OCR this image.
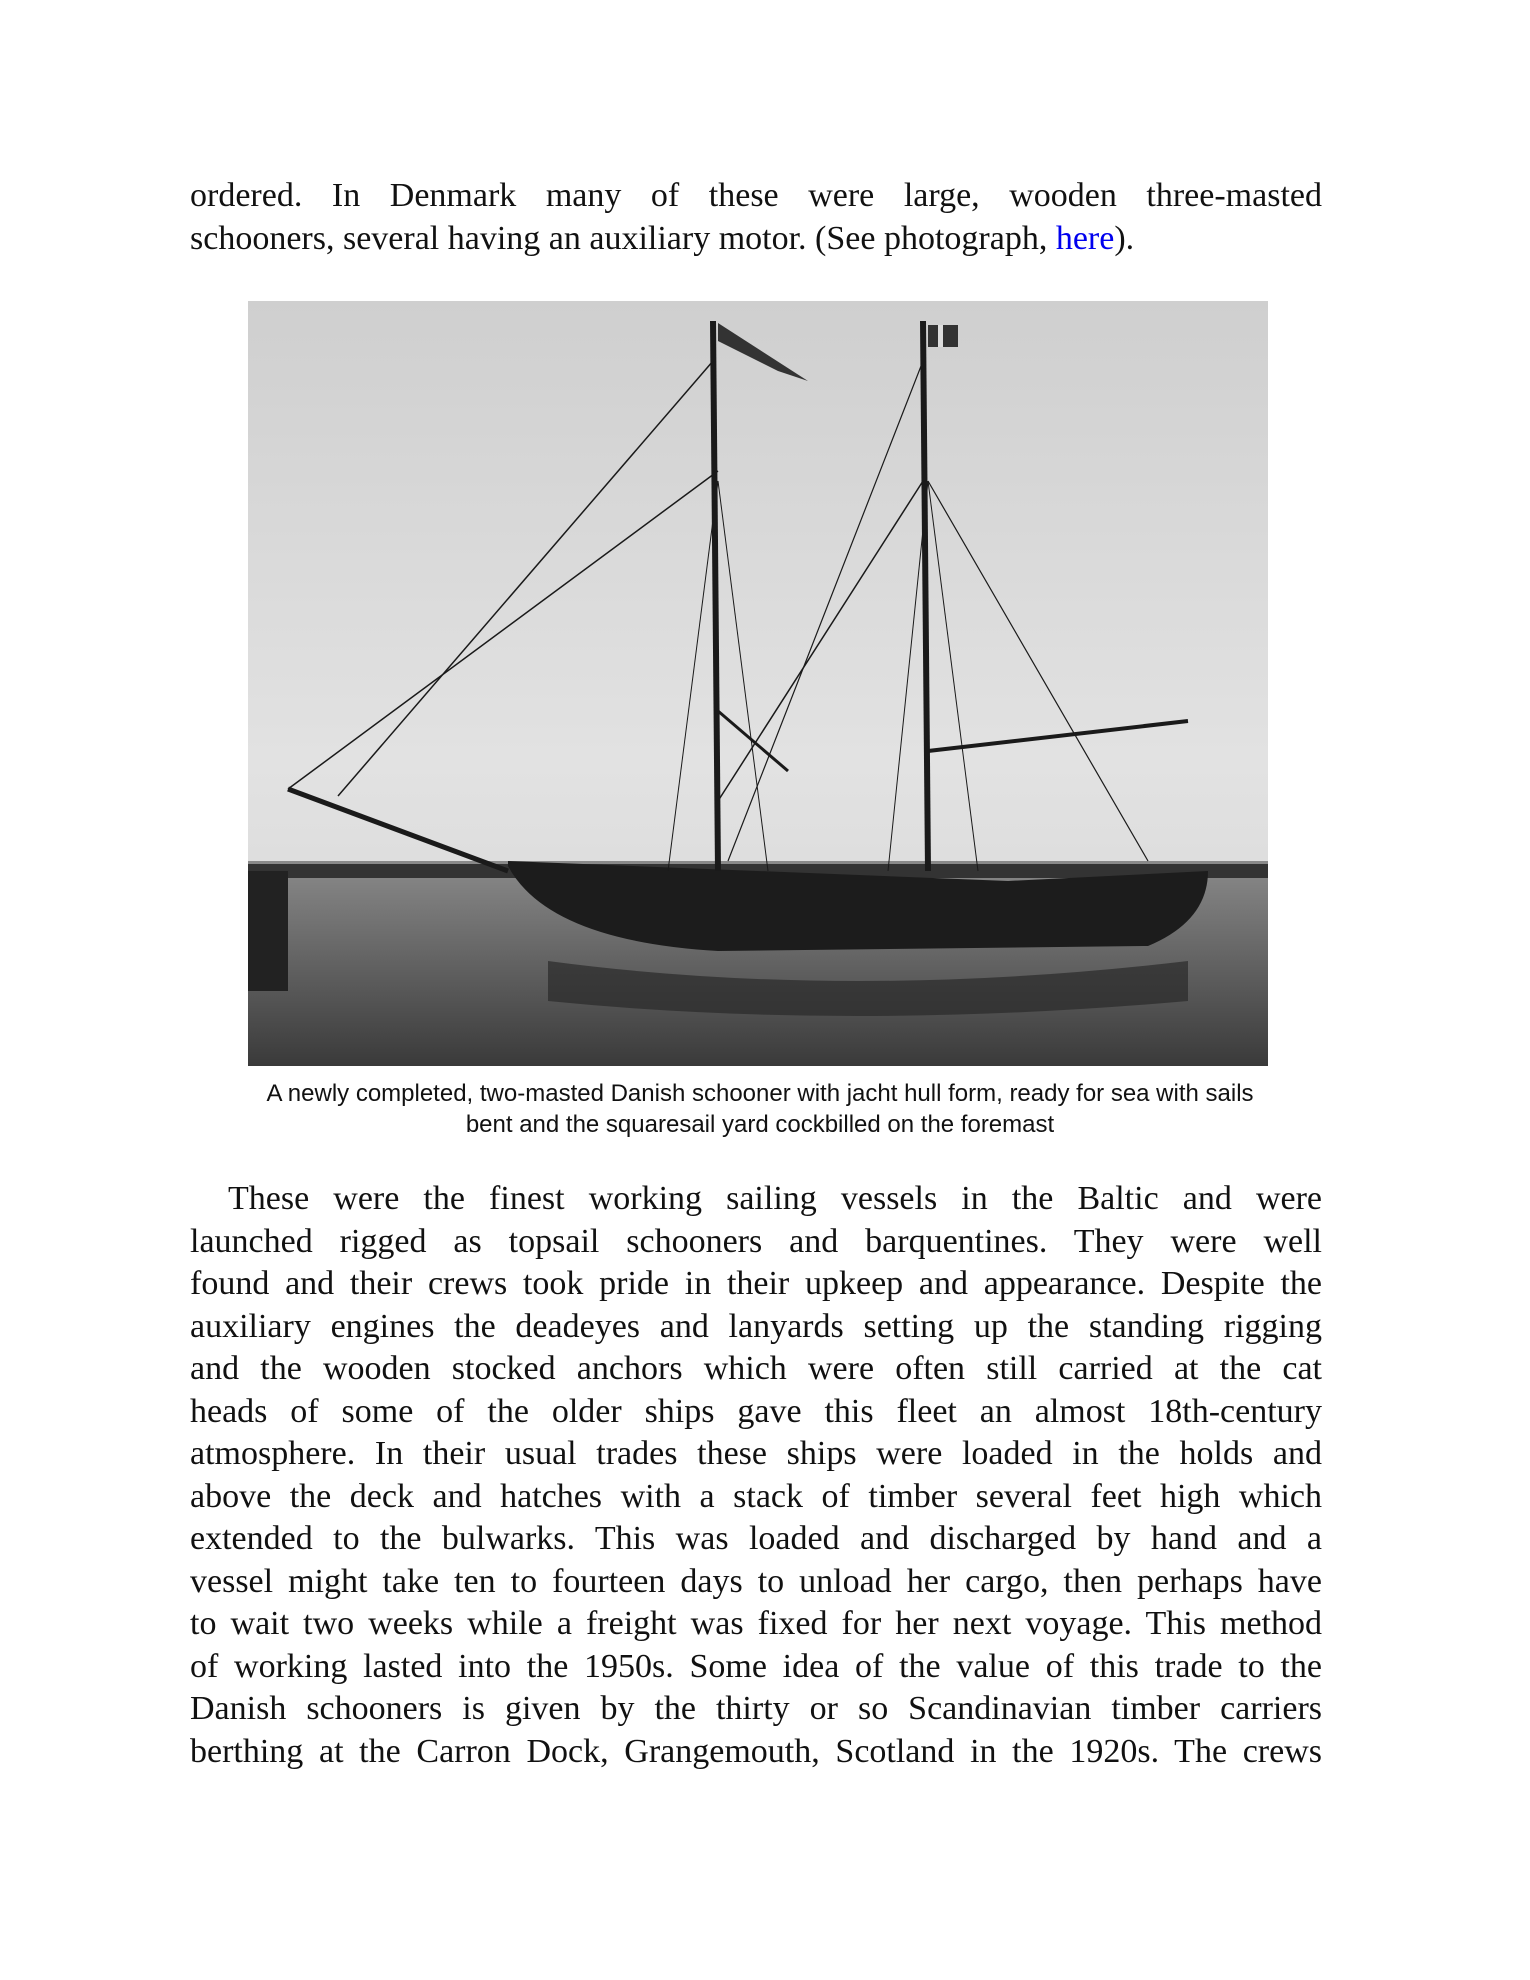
ordered. In Denmark many of these were large, wooden three-masted
schooners, several having an auxiliary motor. (See photograph, here).
A newly completed, two-masted Danish schooner with jacht hull form, ready for sea with sails
bent and the squaresail yard cockbilled on the foremast
These were the finest working sailing vessels in the Baltic and were
launched rigged as topsail schooners and barquentines. They were well
found and their crews took pride in their upkeep and appearance. Despite the
auxiliary engines the deadeyes and lanyards setting up the standing rigging
and the wooden stocked anchors which were often still carried at the cat
heads of some of the older ships gave this fleet an almost 18th-century
atmosphere. In their usual trades these ships were loaded in the holds and
above the deck and hatches with a stack of timber several feet high which
extended to the bulwarks. This was loaded and discharged by hand and a
vessel might take ten to fourteen days to unload her cargo, then perhaps have
to wait two weeks while a freight was fixed for her next voyage. This method
of working lasted into the 1950s. Some idea of the value of this trade to the
Danish schooners is given by the thirty or so Scandinavian timber carriers
berthing at the Carron Dock, Grangemouth, Scotland in the 1920s. The crews
